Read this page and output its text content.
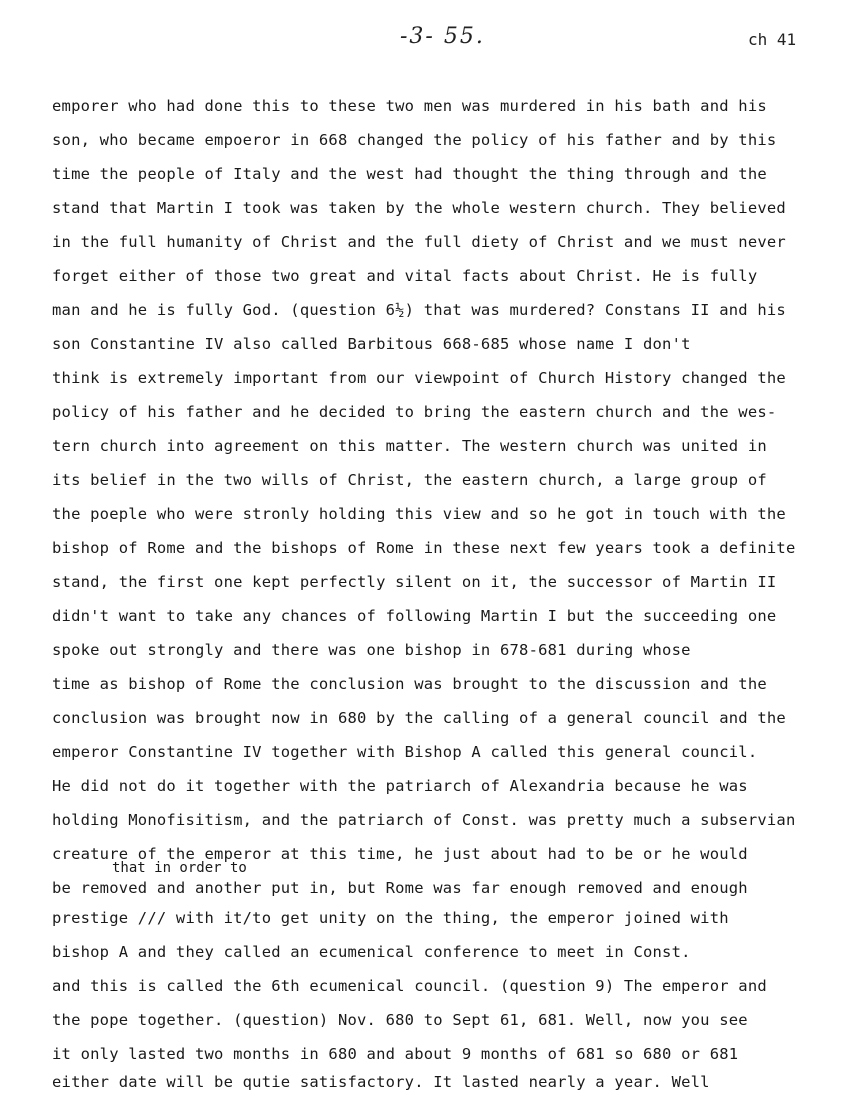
-3- 55.	ch 41
emporer who had done this to these two men was murdered in his bath and his
son, who became empoeror in 668 changed the policy of his father and by this
time the people of Italy and the west had thought the thing through and the
stand that Martin I took was taken by the whole western church. They believed
in the full humanity of Christ and the full diety of Christ and we must never
forget either of those two great and vital facts about Christ. He is fully
man and he is fully God. (question 6½) that was murdered? Constans II and his
son Constantine IV also called Barbitous 668-685 whose name I don't
think is extremely important from our viewpoint of Church History changed the
policy of his father and he decided to bring the eastern church and the wes-
tern church into agreement on this matter. The western church was united in
its belief in the two wills of Christ, the eastern church, a large group of
the poeple who were stronly holding this view and so he got in touch with the
bishop of Rome and the bishops of Rome in these next few years took a definite
stand, the first one kept perfectly silent on it, the successor of Martin II
didn't want to take any chances of following Martin I but the succeeding one
spoke out strongly and there was one bishop in 678-681 during whose
time as bishop of Rome the conclusion was brought to the discussion and the
conclusion was brought now in 680 by the calling of a general council and the
emperor Constantine IV together with Bishop A called this general council.
He did not do it together with the patriarch of Alexandria because he was
holding Monofisitism, and the patriarch of Const. was pretty much a subservian
creature of the emperor at this time, he just about had to be or he would
be removed and another put in, but Rome was far enough removed and enough
that in order to
prestige /// with it/to get unity on the thing, the emperor joined with
bishop A and they called an ecumenical conference to meet in Const.
and this is called the 6th ecumenical council. (question 9) The emperor and
the pope together. (question) Nov. 680 to Sept 61, 681. Well, now you see
it only lasted two months in 680 and about 9 months of 681 so 680 or 681
either date will be qutie satisfactory. It lasted nearly a year. Well
